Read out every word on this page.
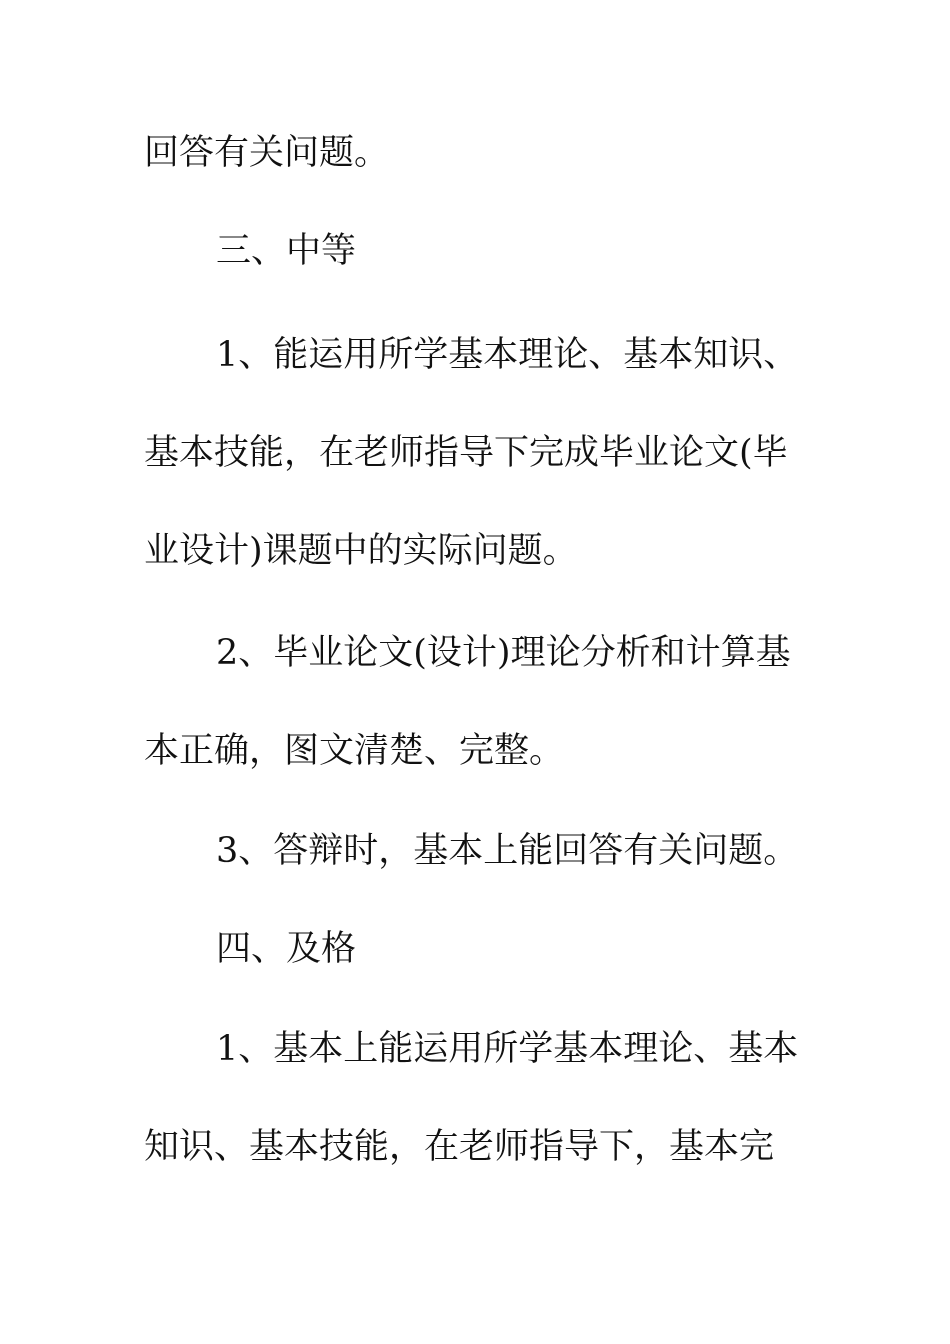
回答有关问题。
三、中等
1、能运用所学基本理论、基本知识、
基本技能，在老师指导下完成毕业论文(毕
业设计)课题中的实际问题。
2、毕业论文(设计)理论分析和计算基
本正确，图文清楚、完整。
3、答辩时，基本上能回答有关问题。
四、及格
1、基本上能运用所学基本理论、基本
知识、基本技能，在老师指导下，基本完
